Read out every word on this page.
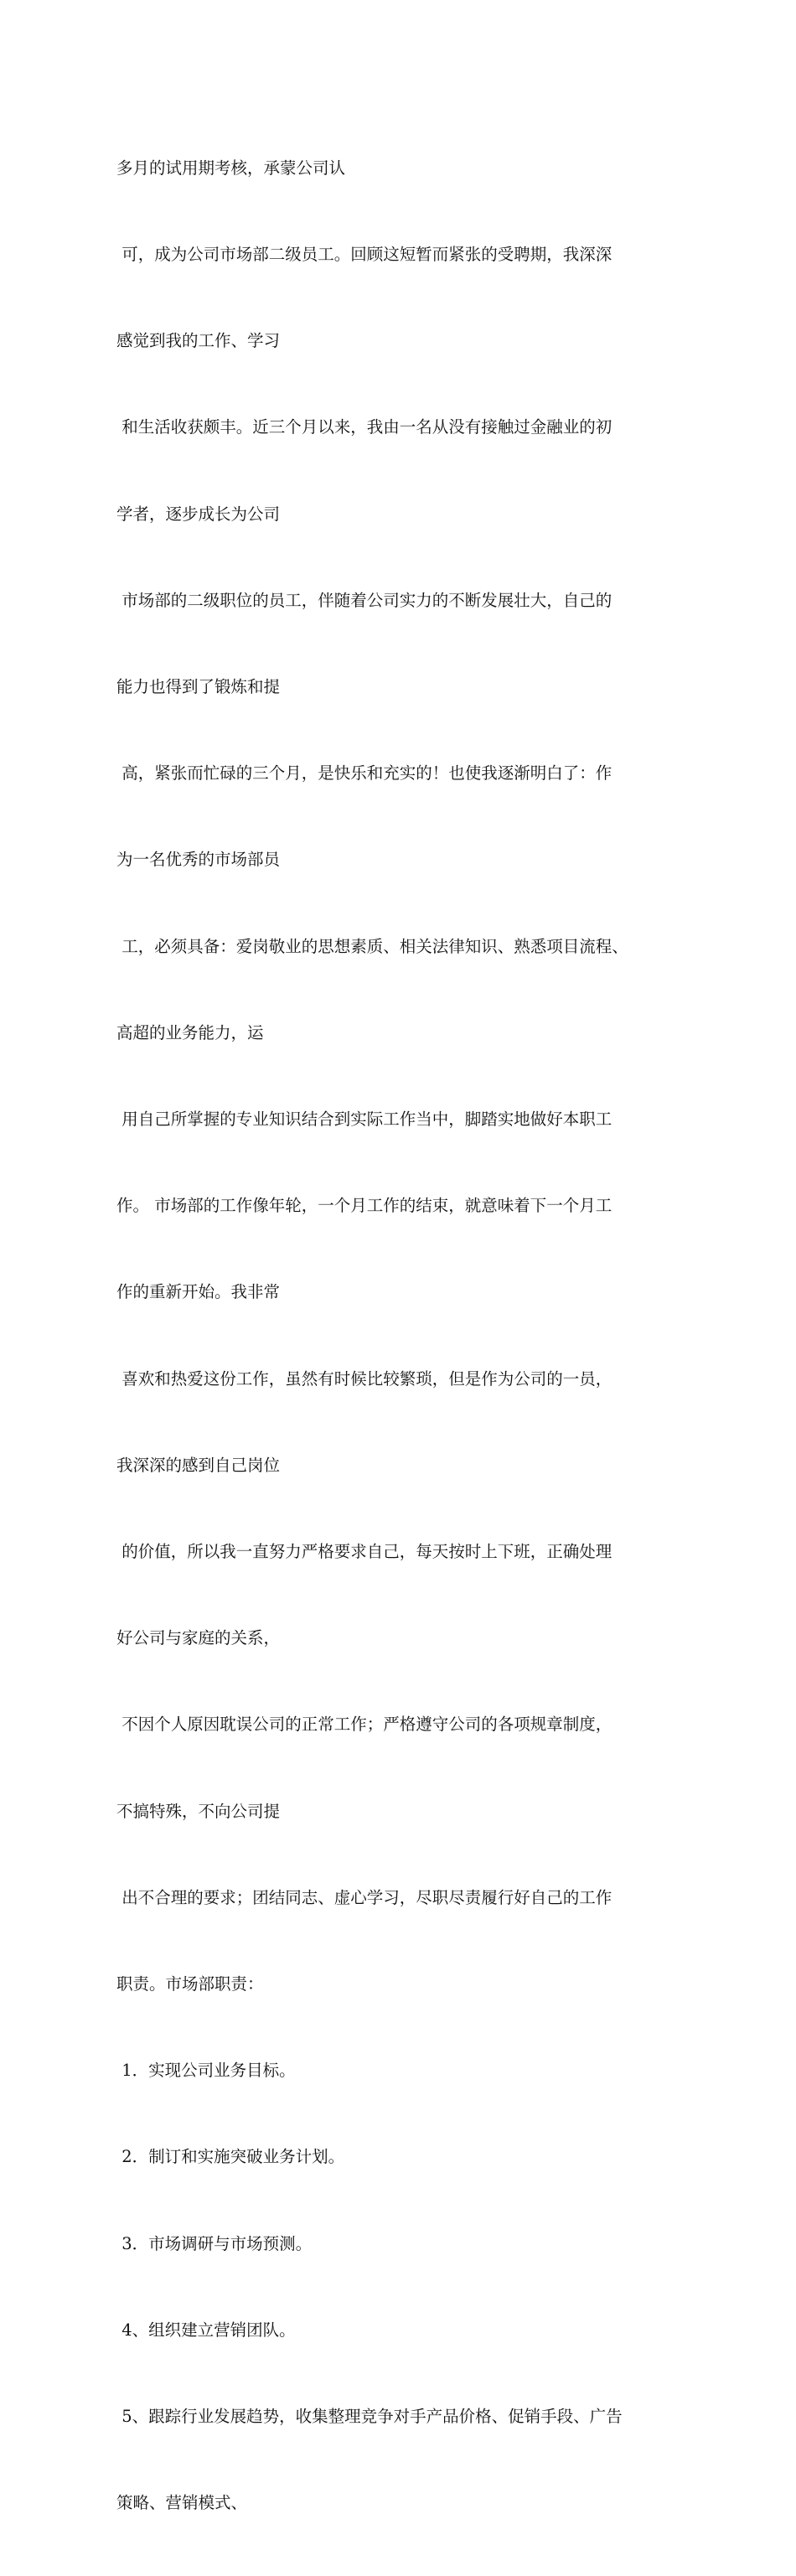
多月的试用期考核，承蒙公司认

可，成为公司市场部二级员工。回顾这短暂而紧张的受聘期，我深深

感觉到我的工作、学习

和生活收获颇丰。近三个月以来，我由一名从没有接触过金融业的初

学者，逐步成长为公司

市场部的二级职位的员工，伴随着公司实力的不断发展壮大，自己的

能力也得到了锻炼和提

高，紧张而忙碌的三个月，是快乐和充实的！也使我逐渐明白了：作

为一名优秀的市场部员

工，必须具备：爱岗敬业的思想素质、相关法律知识、熟悉项目流程、

高超的业务能力，运

用自己所掌握的专业知识结合到实际工作当中，脚踏实地做好本职工

作。 市场部的工作像年轮，一个月工作的结束，就意味着下一个月工

作的重新开始。我非常

喜欢和热爱这份工作，虽然有时候比较繁琐，但是作为公司的一员，

我深深的感到自己岗位

的价值，所以我一直努力严格要求自己，每天按时上下班，正确处理

好公司与家庭的关系，

不因个人原因耽误公司的正常工作；严格遵守公司的各项规章制度，

不搞特殊，不向公司提

出不合理的要求；团结同志、虚心学习，尽职尽责履行好自己的工作

职责。市场部职责：

1．实现公司业务目标。

2．制订和实施突破业务计划。

3．市场调研与市场预测。

4、组织建立营销团队。

5、跟踪行业发展趋势，收集整理竞争对手产品价格、促销手段、广告

策略、营销模式、
